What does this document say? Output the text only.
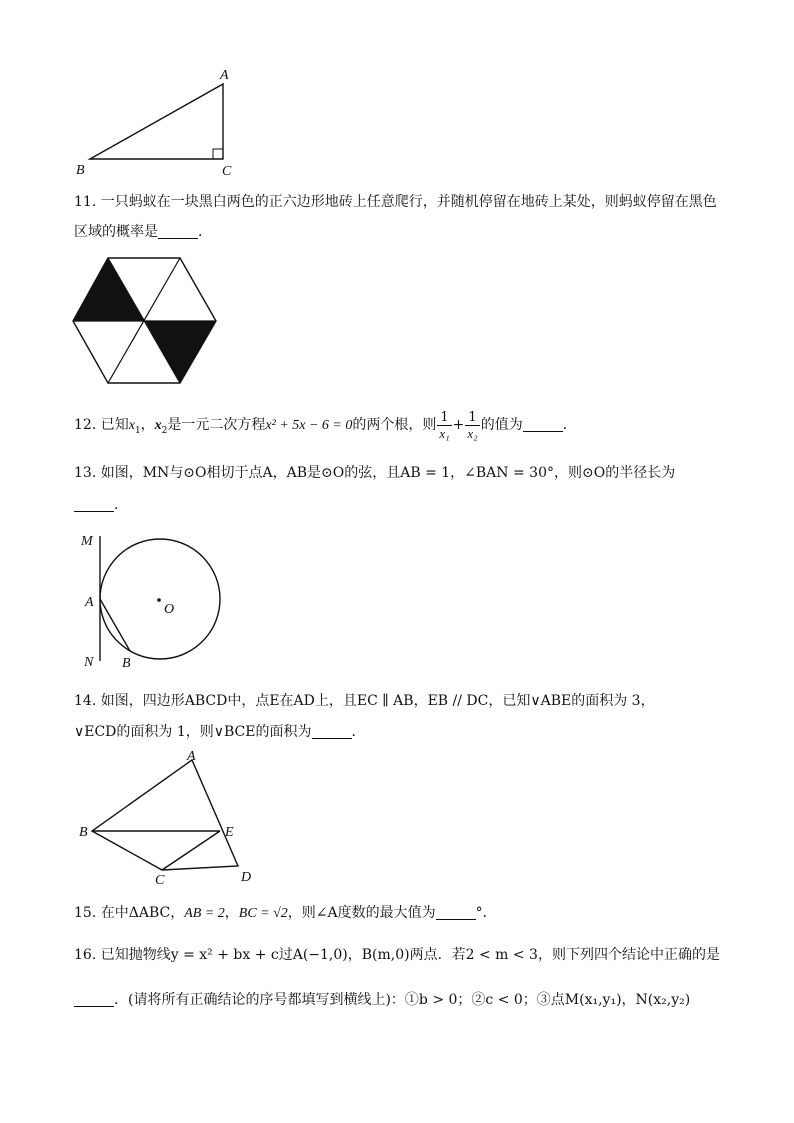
A
B	C
11. 一只蚂蚁在一块黑白两色的正六边形地砖上任意爬行，并随机停留在地砖上某处，则蚂蚁停留在黑色
区域的概率是	．
12. 已知$x_1$，$x_2$是一元二次方程x² + 5x − 6 = 0的两个根，则 $\frac{1}{\text{x₁}} + \frac{1}{\text{x₂}}$ 的值为	．
13. 如图，MN与⊙O相切于点A，AB是⊙O的弦，且AB = 1，∠BAN = 30°，则⊙O的半径长为
．
M
A
N B
O
14. 如图，四边形ABCD中，点E在AD上，且EC ∥ AB，EB // DC，已知∨ABE的面积为 3，
∨ECD的面积为 1，则∨BCE的面积为	．
A
B	E
C	D
15. 在中ΔABC，AB = 2，BC = √2，则∠A度数的最大值为	°．
16. 已知抛物线y = x² + bx + c过A(−1,0)，B(m,0)两点．若2 < m < 3，则下列四个结论中正确的是
．(请将所有正确结论的序号都填写到横线上)：①b > 0；②c < 0；③点M(x₁,y₁)，N(x₂,y₂)
